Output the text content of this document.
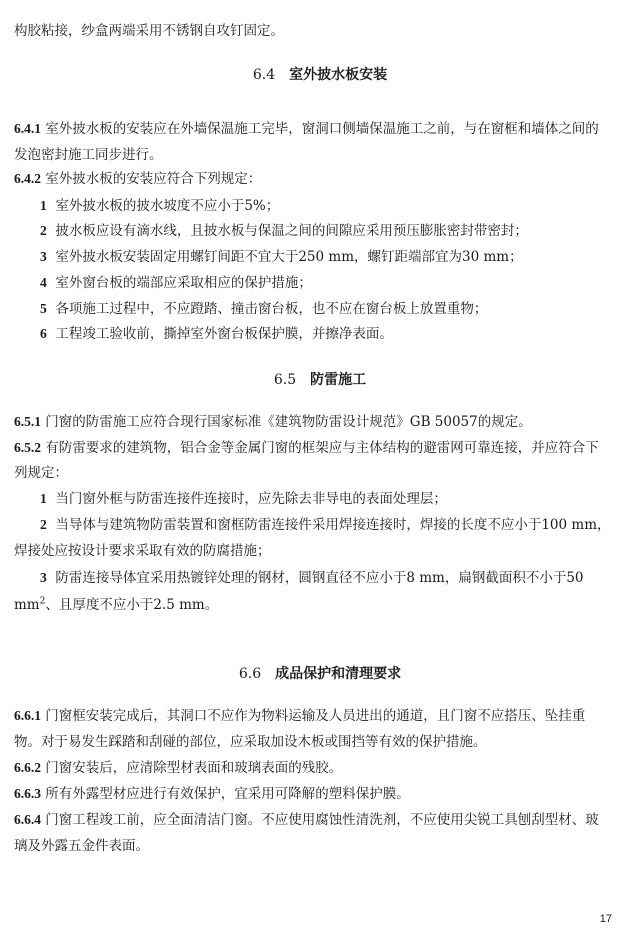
构胶粘接，纱盒两端采用不锈钢自攻钉固定。
6.4 室外披水板安装
6.4.1 室外披水板的安装应在外墙保温施工完毕，窗洞口侧墙保温施工之前，与在窗框和墙体之间的
发泡密封施工同步进行。
6.4.2 室外披水板的安装应符合下列规定：
1 室外披水板的披水坡度不应小于5%；
2 披水板应设有滴水线，且披水板与保温之间的间隙应采用预压膨胀密封带密封；
3 室外披水板安装固定用螺钉间距不宜大于250 mm，螺钉距端部宜为30 mm；
4 室外窗台板的端部应采取相应的保护措施；
5 各项施工过程中，不应蹬踏、撞击窗台板，也不应在窗台板上放置重物；
6 工程竣工验收前，撕掉室外窗台板保护膜，并擦净表面。
6.5 防雷施工
6.5.1 门窗的防雷施工应符合现行国家标准《建筑物防雷设计规范》GB 50057的规定。
6.5.2 有防雷要求的建筑物，铝合金等金属门窗的框架应与主体结构的避雷网可靠连接，并应符合下
列规定：
1 当门窗外框与防雷连接件连接时，应先除去非导电的表面处理层；
2 当导体与建筑物防雷装置和窗框防雷连接件采用焊接连接时，焊接的长度不应小于100 mm，
焊接处应按设计要求采取有效的防腐措施；
3 防雷连接导体宜采用热镀锌处理的钢材，圆钢直径不应小于8 mm，扁钢截面积不小于50
$mm^2$、且厚度不应小于2.5 mm。
6.6 成品保护和清理要求
6.6.1 门窗框安装完成后，其洞口不应作为物料运输及人员进出的通道，且门窗不应搭压、坠挂重
物。对于易发生踩踏和刮碰的部位，应采取加设木板或围挡等有效的保护措施。
6.6.2 门窗安装后，应清除型材表面和玻璃表面的残胶。
6.6.3 所有外露型材应进行有效保护，宜采用可降解的塑料保护膜。
6.6.4 门窗工程竣工前，应全面清洁门窗。不应使用腐蚀性清洗剂，不应使用尖锐工具刨刮型材、玻
璃及外露五金件表面。
17
